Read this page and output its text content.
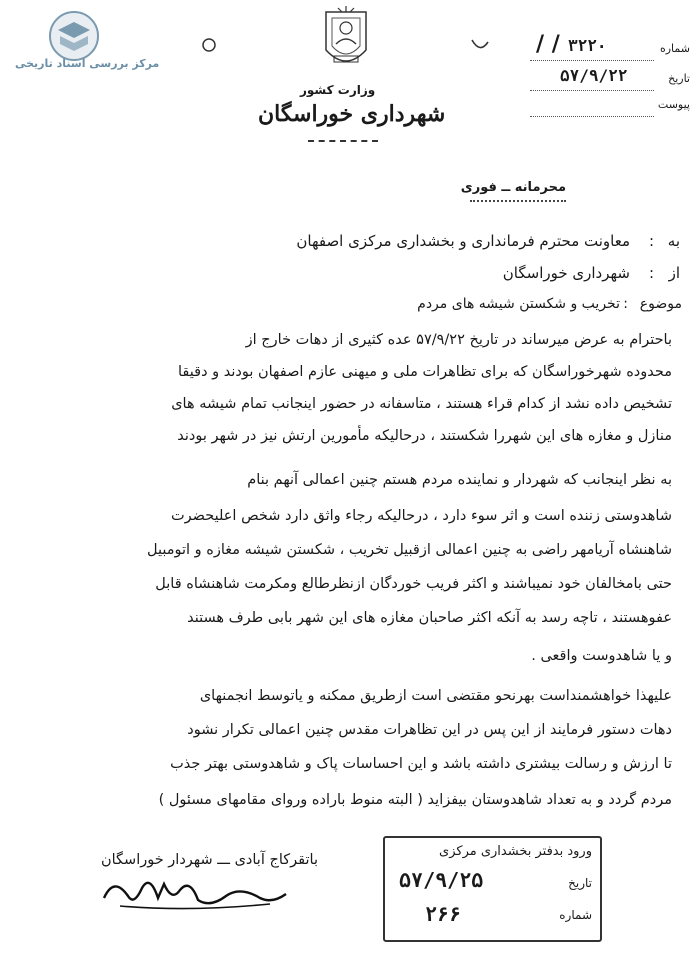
مرکز بررسی اسناد تاریخی
وزارت کشور
شهرداری خوراسگان
شماره
۳۲۲۰
/ /
تاریخ
۵۷/۹/۲۲
پیوست
محرمانه ــ فوری
به
:
معاونت محترم فرمانداری و بخشداری مرکزی اصفهان
از
:
شهرداری خوراسگان
موضوع
:
تخریب و شکستن شیشه های مردم
باحترام به عرض میرساند در تاریخ ۵۷/۹/۲۲ عده کثیری از دهات خارج از
محدوده شهرخوراسگان که برای تظاهرات ملی و میهنی عازم اصفهان بودند و دقیقا
تشخیص داده نشد از کدام قراء هستند ، متاسفانه در حضور اینجانب تمام شیشه های
منازل و مغازه های این شهررا شکستند ، درحالیکه مأمورین ارتش نیز در شهر بودند
به نظر اینجانب که شهردار و نماینده مردم هستم چنین اعمالی آنهم بنام
شاهدوستی زننده است و اثر سوء دارد ، درحالیکه رجاء واثق دارد شخص اعلیحضرت
شاهنشاه آریامهر راضی به چنین اعمالی ازقبیل تخریب ، شکستن شیشه مغازه و اتومبیل
حتی بامخالفان خود نمیباشند و اکثر فریب خوردگان ازنظرطالع ومکرمت شاهنشاه قابل
عفوهستند ، تاچه رسد به آنکه اکثر صاحبان مغازه های این شهر بابی طرف هستند
و یا شاهدوست واقعی .
علیهذا خواهشمنداست بهرنحو مقتضی است ازطریق ممکنه و یاتوسط انجمنهای
دهات دستور فرمایند از این پس در این تظاهرات مقدس چنین اعمالی تکرار نشود
تا ارزش و رسالت بیشتری داشته باشد و این احساسات پاک و شاهدوستی بهتر جذب
مردم گردد و به تعداد شاهدوستان بیفزاید ( البته منوط باراده وروای مقامهای مسئول )
باتقرکاج آبادی ـــ شهردار خوراسگان
ورود بدفتر بخشداری مرکزی
تاریخ
۵۷/۹/۲۵
شماره
۲۶۶
